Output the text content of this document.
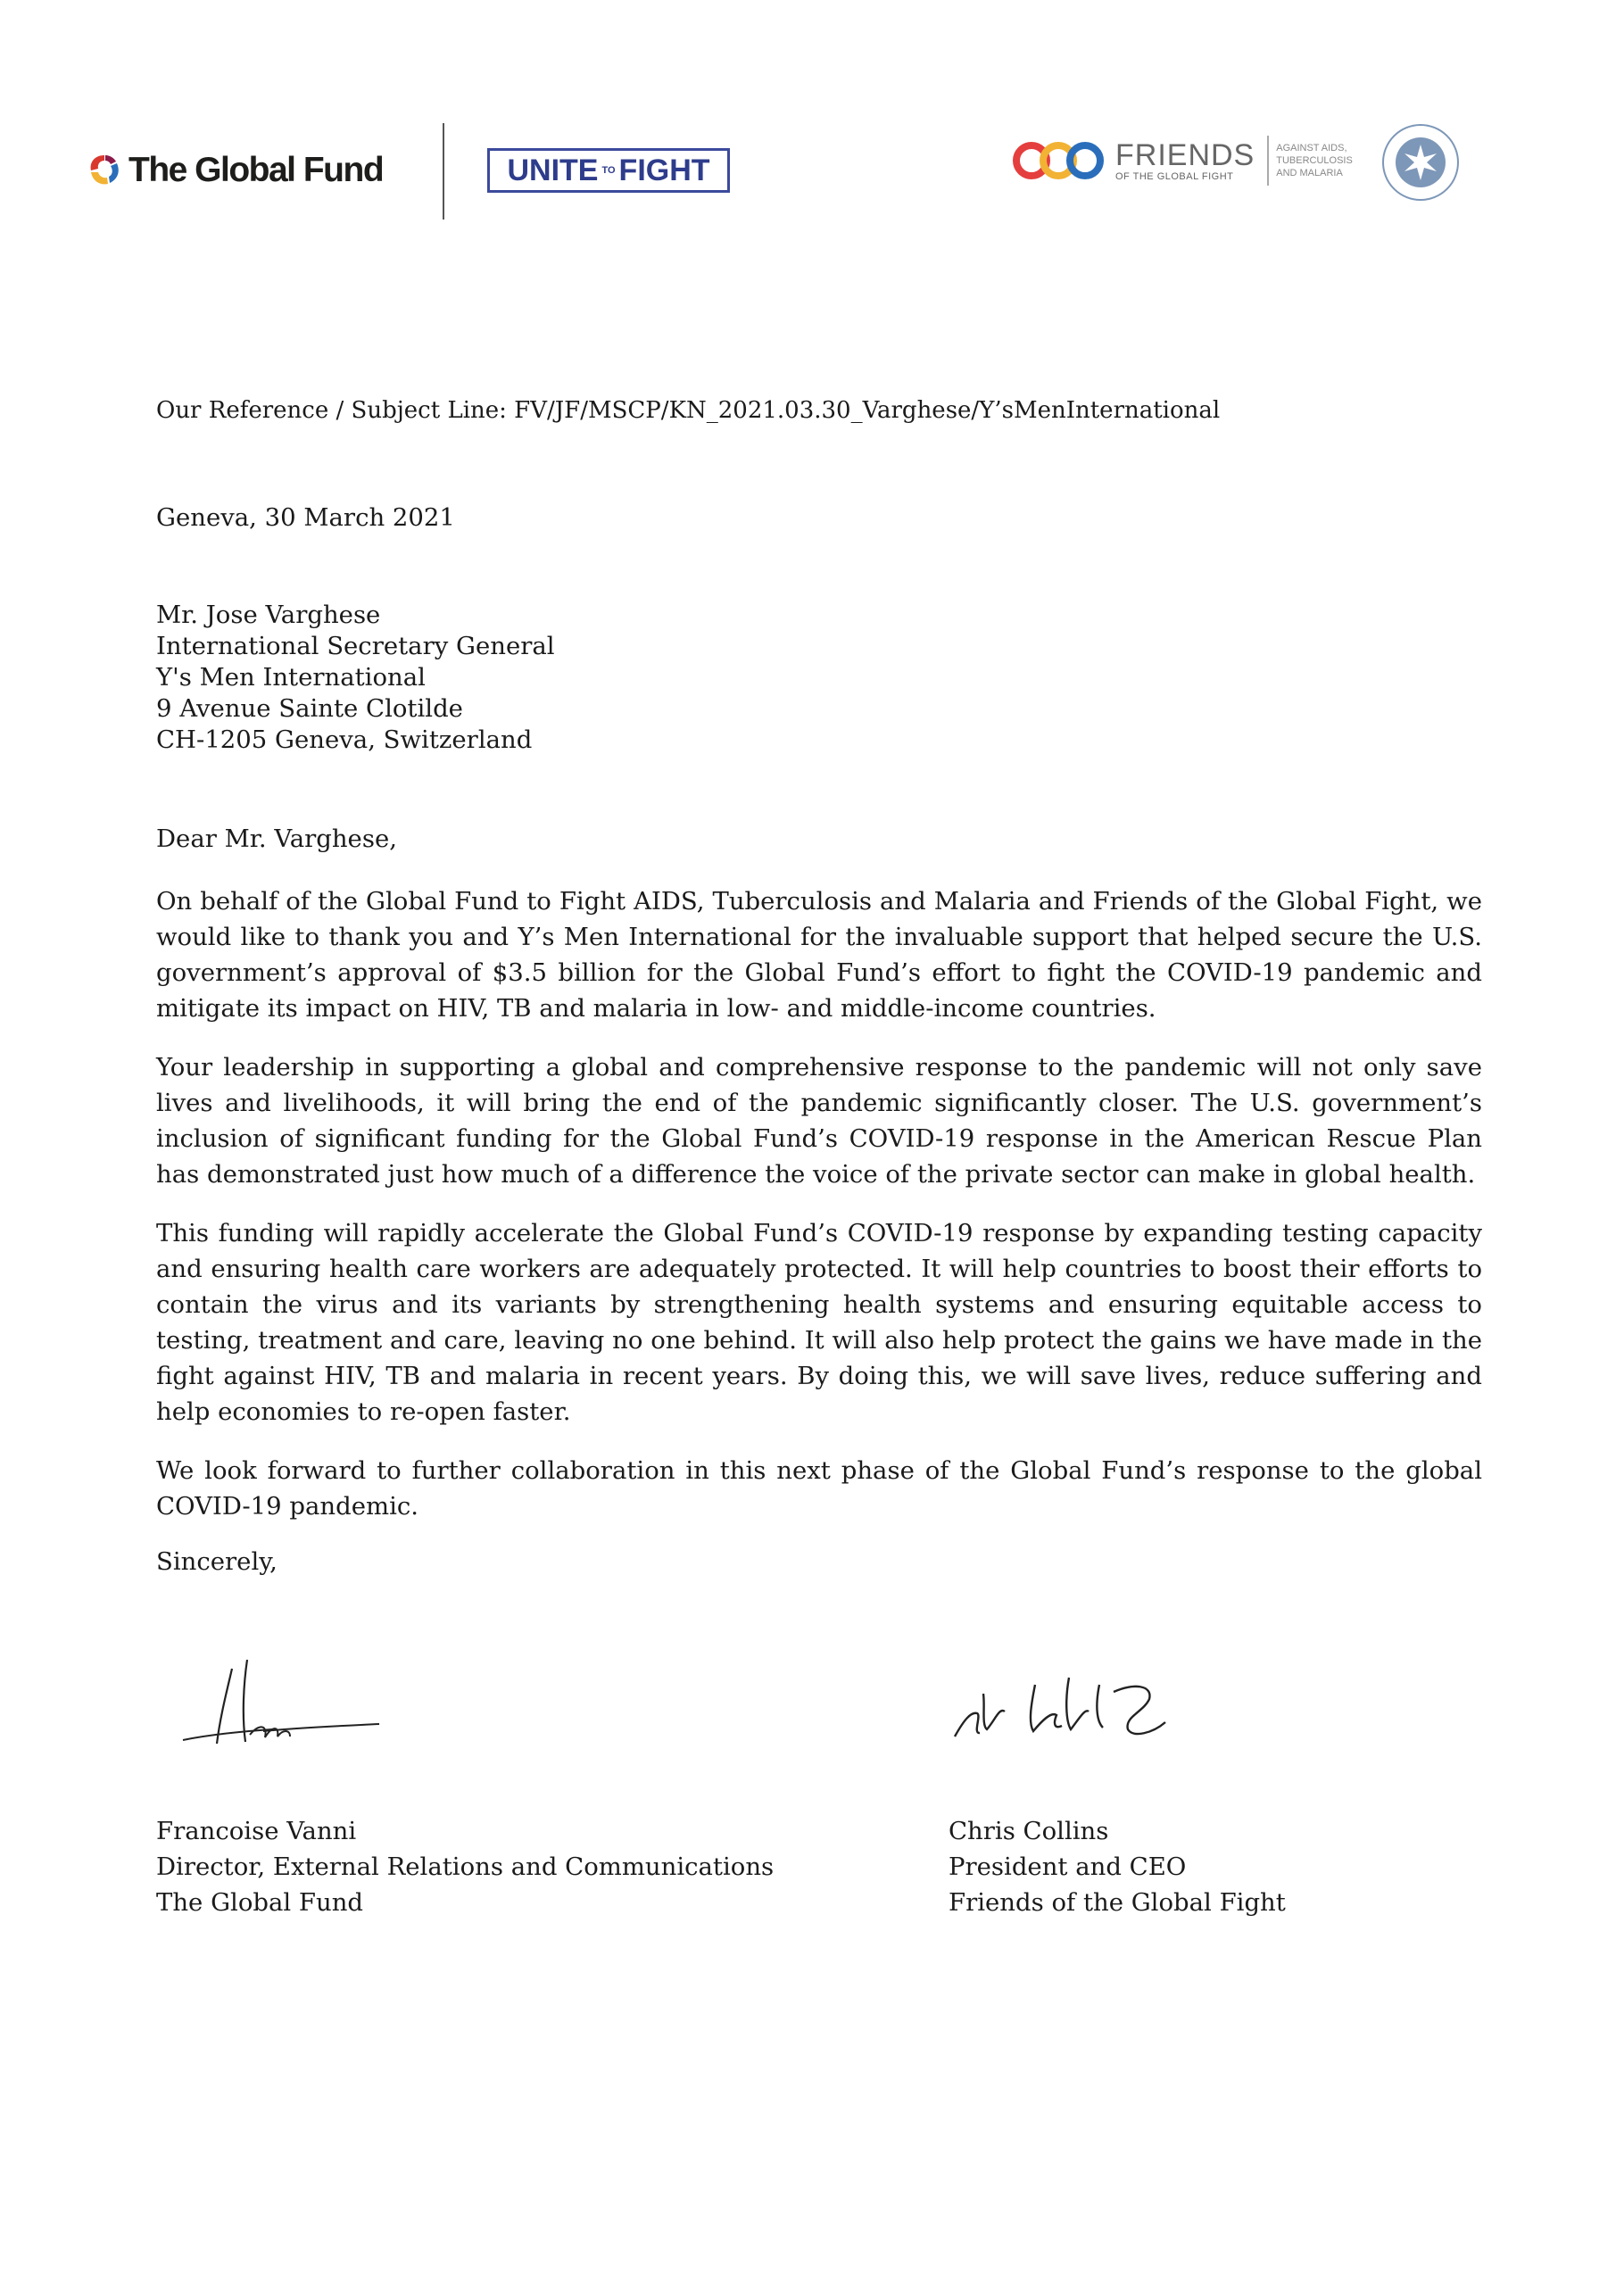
The Global Fund	UNITE TO FIGHT	FRIENDS
OF THE GLOBAL FIGHT
AGAINST AIDS,
TUBERCULOSIS
AND MALARIA
Our Reference / Subject Line: FV/JF/MSCP/KN_2021.03.30_Varghese/Y’sMenInternational
Geneva, 30 March 2021
Mr. Jose Varghese
International Secretary General
Y's Men International
9 Avenue Sainte Clotilde
CH-1205 Geneva, Switzerland
Dear Mr. Varghese,

On behalf of the Global Fund to Fight AIDS, Tuberculosis and Malaria and Friends of the Global Fight, we would like to thank you and Y’s Men International for the invaluable support that helped secure the U.S. government’s approval of $3.5 billion for the Global Fund’s effort to fight the COVID-19 pandemic and mitigate its impact on HIV, TB and malaria in low- and middle-income countries.

Your leadership in supporting a global and comprehensive response to the pandemic will not only save lives and livelihoods, it will bring the end of the pandemic significantly closer. The U.S. government’s inclusion of significant funding for the Global Fund’s COVID-19 response in the American Rescue Plan has demonstrated just how much of a difference the voice of the private sector can make in global health.

This funding will rapidly accelerate the Global Fund’s COVID-19 response by expanding testing capacity and ensuring health care workers are adequately protected. It will help countries to boost their efforts to contain the virus and its variants by strengthening health systems and ensuring equitable access to testing, treatment and care, leaving no one behind. It will also help protect the gains we have made in the fight against HIV, TB and malaria in recent years. By doing this, we will save lives, reduce suffering and help economies to re-open faster.

We look forward to further collaboration in this next phase of the Global Fund’s response to the global COVID-19 pandemic.

Sincerely,
Francoise Vanni
Director, External Relations and Communications
The Global Fund
Chris Collins
President and CEO
Friends of the Global Fight
